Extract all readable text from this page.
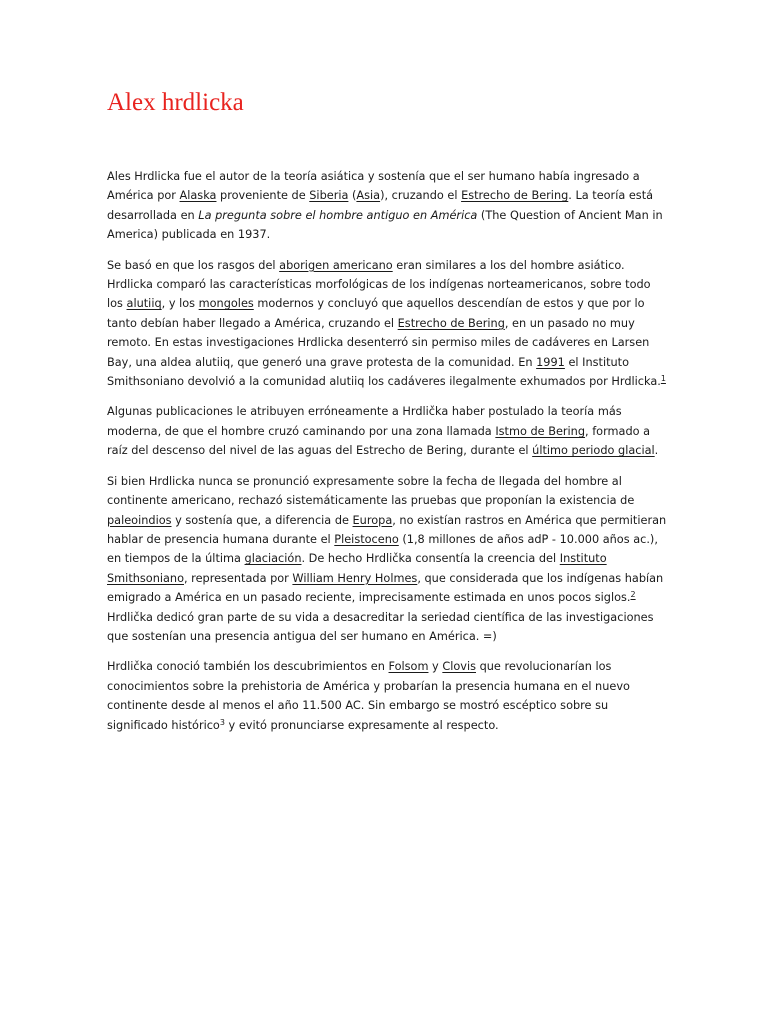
Alex hrdlicka

Ales Hrdlicka fue el autor de la teoría asiática y sostenía que el ser humano había ingresado a
América por Alaska proveniente de Siberia (Asia), cruzando el Estrecho de Bering. La teoría está
desarrollada en La pregunta sobre el hombre antiguo en América (The Question of Ancient Man in
America) publicada en 1937.

Se basó en que los rasgos del aborigen americano eran similares a los del hombre asiático.
Hrdlicka comparó las características morfológicas de los indígenas norteamericanos, sobre todo
los alutiiq, y los mongoles modernos y concluyó que aquellos descendían de estos y que por lo
tanto debían haber llegado a América, cruzando el Estrecho de Bering, en un pasado no muy
remoto. En estas investigaciones Hrdlicka desenterró sin permiso miles de cadáveres en Larsen
Bay, una aldea alutiiq, que generó una grave protesta de la comunidad. En 1991 el Instituto
Smithsoniano devolvió a la comunidad alutiiq los cadáveres ilegalmente exhumados por Hrdlicka.$^1$

Algunas publicaciones le atribuyen erróneamente a Hrdlička haber postulado la teoría más
moderna, de que el hombre cruzó caminando por una zona llamada Istmo de Bering, formado a
raíz del descenso del nivel de las aguas del Estrecho de Bering, durante el último periodo glacial.

Si bien Hrdlicka nunca se pronunció expresamente sobre la fecha de llegada del hombre al
continente americano, rechazó sistemáticamente las pruebas que proponían la existencia de
paleoindios y sostenía que, a diferencia de Europa, no existían rastros en América que permitieran
hablar de presencia humana durante el Pleistoceno (1,8 millones de años adP - 10.000 años ac.),
en tiempos de la última glaciación. De hecho Hrdlička consentía la creencia del Instituto
Smithsoniano, representada por William Henry Holmes, que considerada que los indígenas habían
emigrado a América en un pasado reciente, imprecisamente estimada en unos pocos siglos.$^2$
Hrdlička dedicó gran parte de su vida a desacreditar la seriedad científica de las investigaciones
que sostenían una presencia antigua del ser humano en América. =)

Hrdlička conoció también los descubrimientos en Folsom y Clovis que revolucionarían los
conocimientos sobre la prehistoria de América y probarían la presencia humana en el nuevo
continente desde al menos el año 11.500 AC. Sin embargo se mostró escéptico sobre su
significado histórico$^3$ y evitó pronunciarse expresamente al respecto.
